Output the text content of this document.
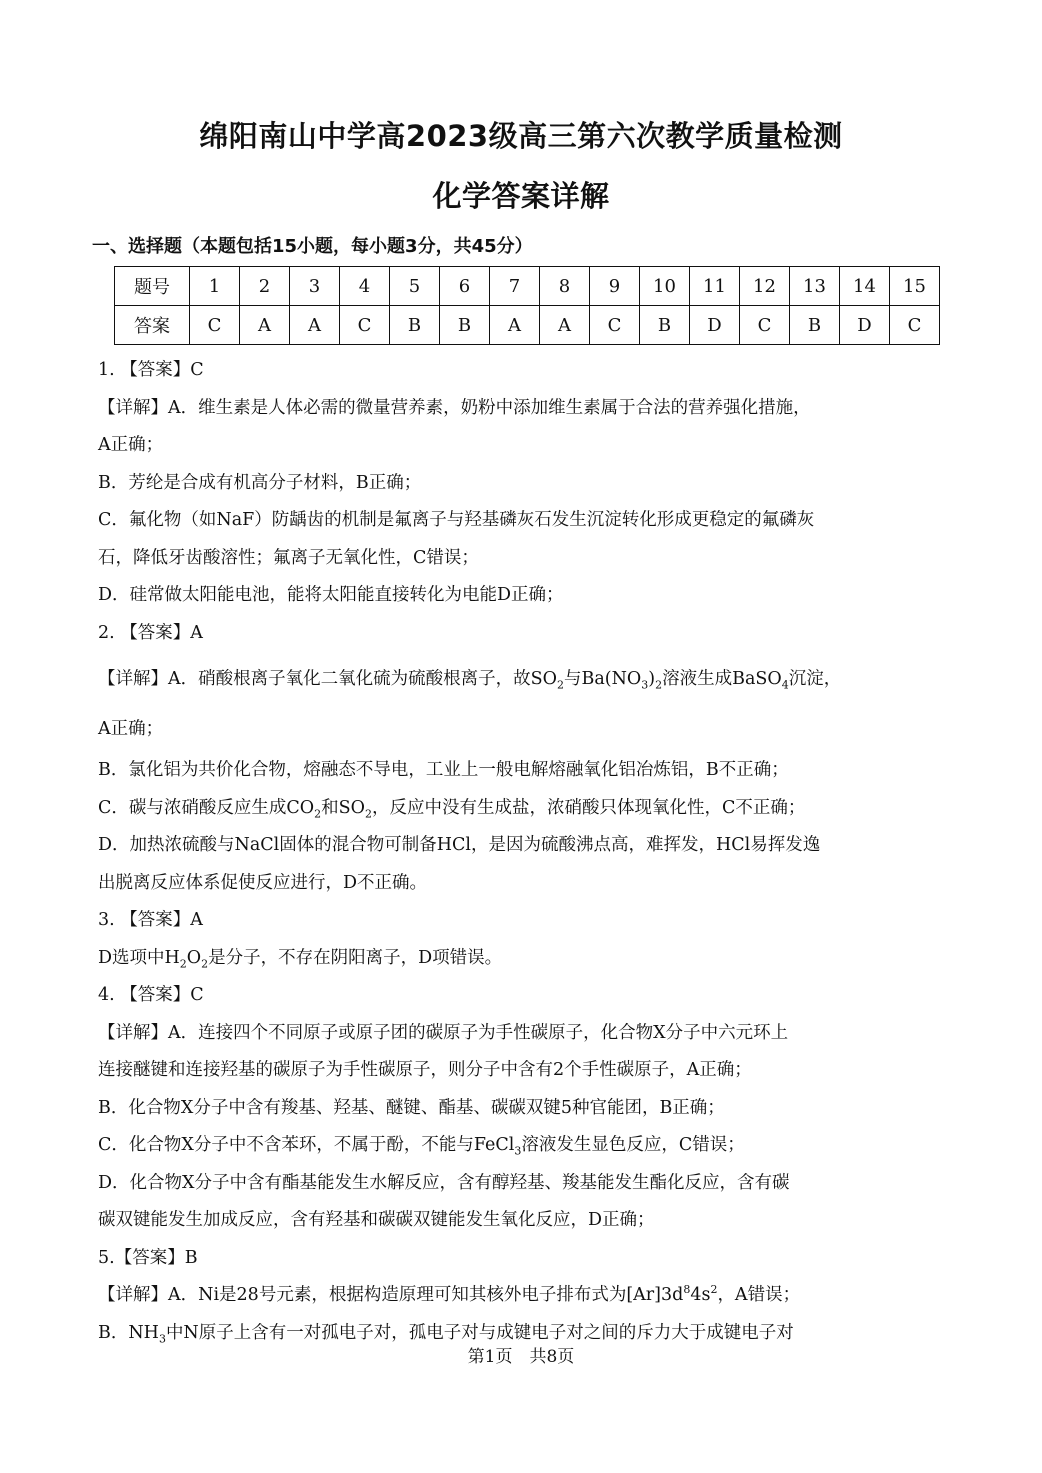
绵阳南山中学高2023级高三第六次教学质量检测
化学答案详解
一、选择题（本题包括15小题，每小题3分，共45分）
题号	1	2	3	4	5	6	7	8	9	10	11	12	13	14	15
答案	C	A	A	C	B	B	A	A	C	B	D	C	B	D	C

1. 【答案】C

【详解】A．维生素是人体必需的微量营养素，奶粉中添加维生素属于合法的营养强化措施，

A正确；

B．芳纶是合成有机高分子材料，B正确；

C．氟化物（如NaF）防龋齿的机制是氟离子与羟基磷灰石发生沉淀转化形成更稳定的氟磷灰

石，降低牙齿酸溶性；氟离子无氧化性，C错误；

D．硅常做太阳能电池，能将太阳能直接转化为电能D正确；

2. 【答案】A

【详解】A．硝酸根离子氧化二氧化硫为硫酸根离子，故$SO_2$与$Ba(NO_3)_2$溶液生成BaSO$_4$沉淀，

A正确；

B．氯化铝为共价化合物，熔融态不导电，工业上一般电解熔融氧化铝冶炼铝，B不正确；

C．碳与浓硝酸反应生成$CO_2$和$SO_2$，反应中没有生成盐，浓硝酸只体现氧化性，C不正确；

D．加热浓硫酸与NaCl固体的混合物可制备HCl，是因为硫酸沸点高，难挥发，HCl易挥发逸

出脱离反应体系促使反应进行，D不正确。

3. 【答案】A

D选项中$H_2O_2$是分子，不存在阴阳离子，D项错误。

4. 【答案】C

【详解】A．连接四个不同原子或原子团的碳原子为手性碳原子，化合物X分子中六元环上

连接醚键和连接羟基的碳原子为手性碳原子，则分子中含有2个手性碳原子，A正确；

B．化合物X分子中含有羧基、羟基、醚键、酯基、碳碳双键5种官能团，B正确；

C．化合物X分子中不含苯环，不属于酚，不能与FeCl$_3$溶液发生显色反应，C错误；

D．化合物X分子中含有酯基能发生水解反应，含有醇羟基、羧基能发生酯化反应，含有碳

碳双键能发生加成反应，含有羟基和碳碳双键能发生氧化反应，D正确；

5.【答案】B

【详解】A．Ni是28号元素，根据构造原理可知其核外电子排布式为$[Ar]3d^84s^2$，A错误；

B．$NH_3$中N原子上含有一对孤电子对，孤电子对与成键电子对之间的斥力大于成键电子对

第1页　共8页
